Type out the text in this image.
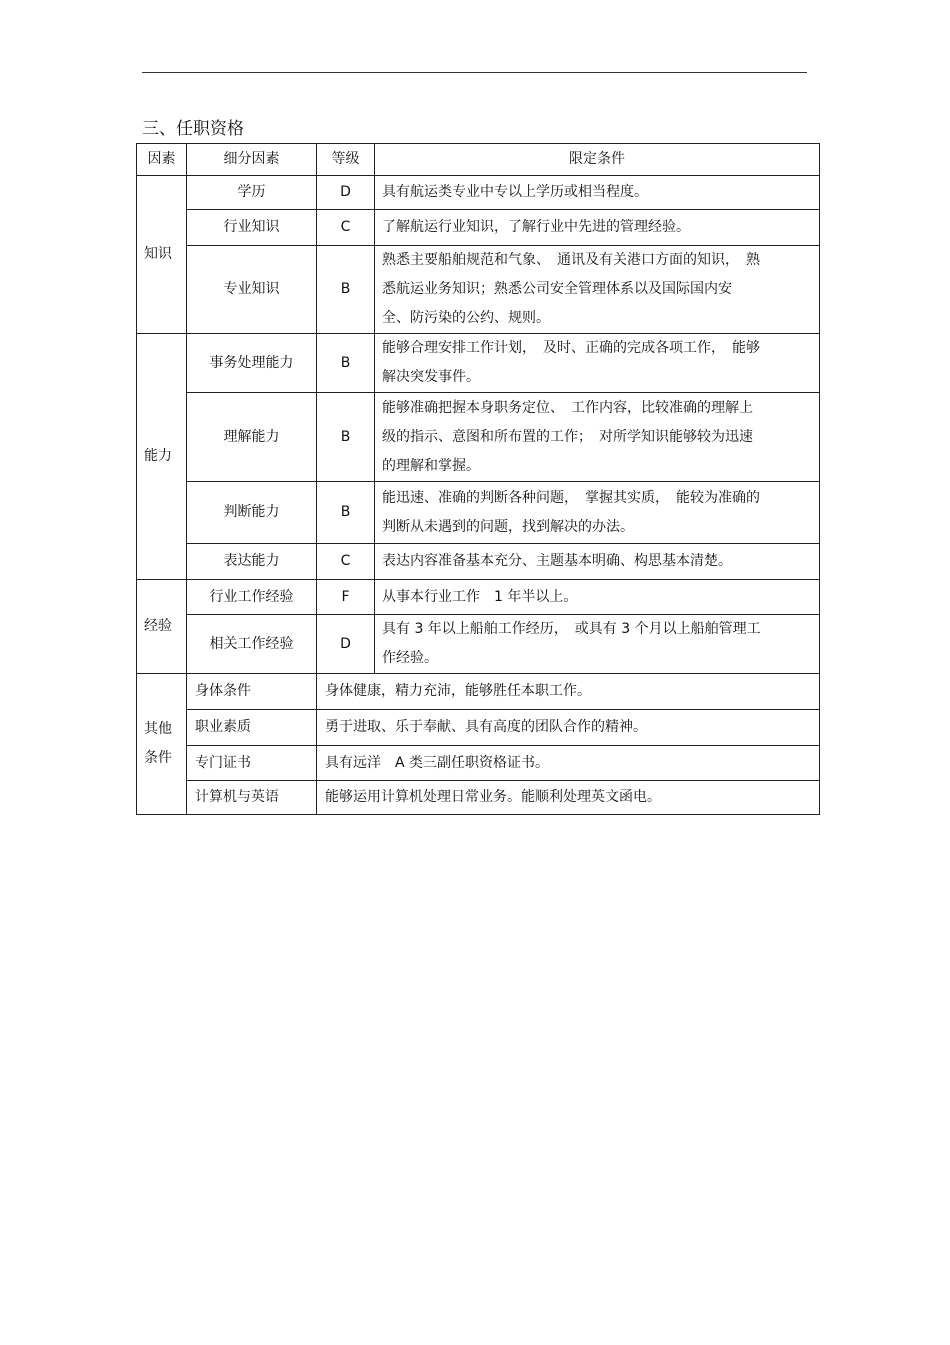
三、任职资格
因素	细分因素	等级	限定条件
知识	学历	D	具有航运类专业中专以上学历或相当程度。
	行业知识	C	了解航运行业知识，了解行业中先进的管理经验。
	专业知识	B	熟悉主要船舶规范和气象、　通讯及有关港口方面的知识，　熟
悉航运业务知识；熟悉公司安全管理体系以及国际国内安
全、防污染的公约、规则。

能力	事务处理能力	B	能够合理安排工作计划，　及时、正确的完成各项工作，　能够
解决突发事件。

	理解能力	B	能够准确把握本身职务定位、　工作内容，比较准确的理解上
级的指示、意图和所布置的工作；　对所学知识能够较为迅速
的理解和掌握。

	判断能力	B	能迅速、准确的判断各种问题，　掌握其实质，　能较为准确的
判断从未遇到的问题，找到解决的办法。

	表达能力	C	表达内容准备基本充分、主题基本明确、构思基本清楚。
经验	行业工作经验	F	从事本行业工作　1 年半以上。
	相关工作经验	D	具有 3 年以上船舶工作经历，　或具有 3 个月以上船舶管理工
作经验。

其他
条件	身体条件	身体健康，精力充沛，能够胜任本职工作。	
	职业素质	勇于进取、乐于奉献、具有高度的团队合作的精神。	
	专门证书	具有远洋　A 类三副任职资格证书。	
	计算机与英语	能够运用计算机处理日常业务。能顺利处理英文函电。	
